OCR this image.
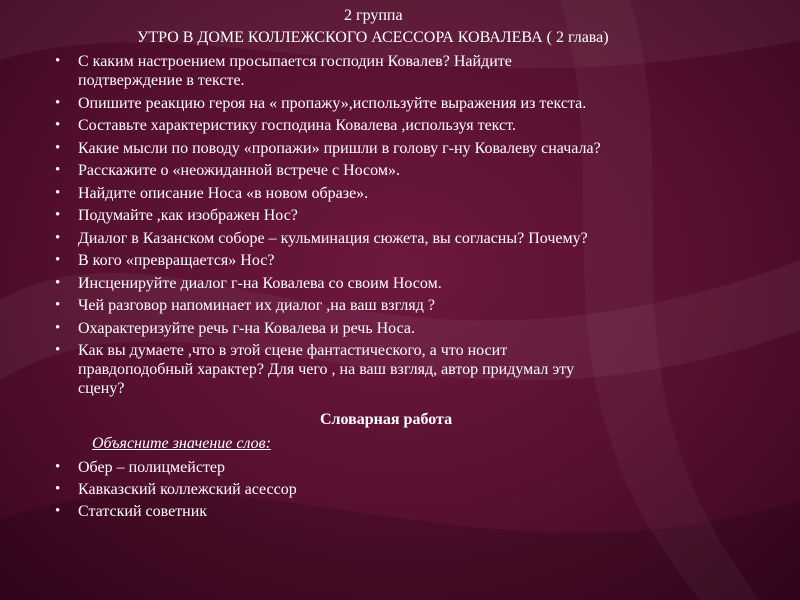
2 группа

УТРО В ДОМЕ КОЛЛЕЖСКОГО АСЕССОРА КОВАЛЕВА ( 2 глава)

• С каким настроением просыпается господин Ковалев? Найдите
подтверждение в тексте.
• Опишите реакцию героя на « пропажу»,используйте выражения из текста.
• Составьте характеристику господина Ковалева ,используя текст.
• Какие мысли по поводу «пропажи» пришли в голову г-ну Ковалеву сначала?
• Расскажите о «неожиданной встрече с Носом».
• Найдите описание Носа «в новом образе».
• Подумайте ,как изображен Нос?
• Диалог в Казанском соборе – кульминация сюжета, вы согласны? Почему?
• В кого «превращается» Нос?
• Инсценируйте диалог г-на Ковалева со своим Носом.
• Чей разговор напоминает их диалог ,на ваш взгляд ?
• Охарактеризуйте речь г-на Ковалева и речь Носа.
• Как вы думаете ,что в этой сцене фантастического, а что носит
правдоподобный характер? Для чего , на ваш взгляд, автор придумал эту
сцену?

Словарная работа

Объясните значение слов:

• Обер – полицмейстер
• Кавказский коллежский асессор
• Статский советник
